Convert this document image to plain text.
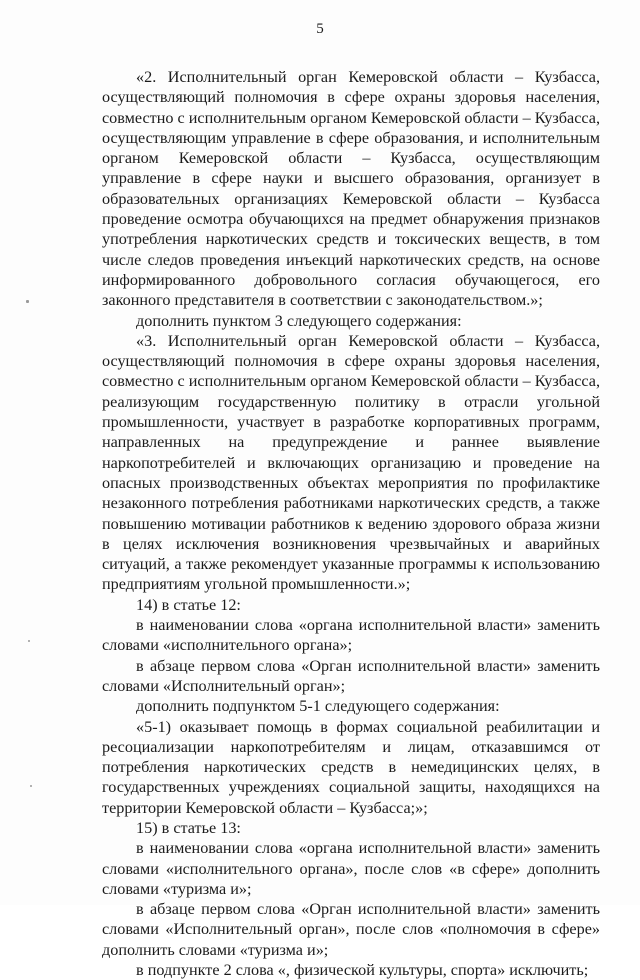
5

«2. Исполнительный орган Кемеровской области – Кузбасса, осуществляющий полномочия в сфере охраны здоровья населения, совместно с исполнительным органом Кемеровской области – Кузбасса, осуществляющим управление в сфере образования, и исполнительным органом Кемеровской области – Кузбасса, осуществляющим управление в сфере науки и высшего образования, организует в образовательных организациях Кемеровской области – Кузбасса проведение осмотра обучающихся на предмет обнаружения признаков употребления наркотических средств и токсических веществ, в том числе следов проведения инъекций наркотических средств, на основе информированного добровольного согласия обучающегося, его законного представителя в соответствии с законодательством.»;

дополнить пунктом 3 следующего содержания:

«3. Исполнительный орган Кемеровской области – Кузбасса, осуществляющий полномочия в сфере охраны здоровья населения, совместно с исполнительным органом Кемеровской области – Кузбасса, реализующим государственную политику в отрасли угольной промышленности, участвует в разработке корпоративных программ, направленных на предупреждение и раннее выявление наркопотребителей и включающих организацию и проведение на опасных производственных объектах мероприятия по профилактике незаконного потребления работниками наркотических средств, а также повышению мотивации работников к ведению здорового образа жизни в целях исключения возникновения чрезвычайных и аварийных ситуаций, а также рекомендует указанные программы к использованию предприятиям угольной промышленности.»;

14) в статье 12:

в наименовании слова «органа исполнительной власти» заменить словами «исполнительного органа»;

в абзаце первом слова «Орган исполнительной власти» заменить словами «Исполнительный орган»;

дополнить подпунктом 5-1 следующего содержания:

«5-1) оказывает помощь в формах социальной реабилитации и ресоциализации наркопотребителям и лицам, отказавшимся от потребления наркотических средств в немедицинских целях, в государственных учреждениях социальной защиты, находящихся на территории Кемеровской области – Кузбасса;»;

15) в статье 13:

в наименовании слова «органа исполнительной власти» заменить словами «исполнительного органа», после слов «в сфере» дополнить словами «туризма и»;

в абзаце первом слова «Орган исполнительной власти» заменить словами «Исполнительный орган», после слов «полномочия в сфере» дополнить словами «туризма и»;

в подпункте 2 слова «, физической культуры, спорта» исключить;
